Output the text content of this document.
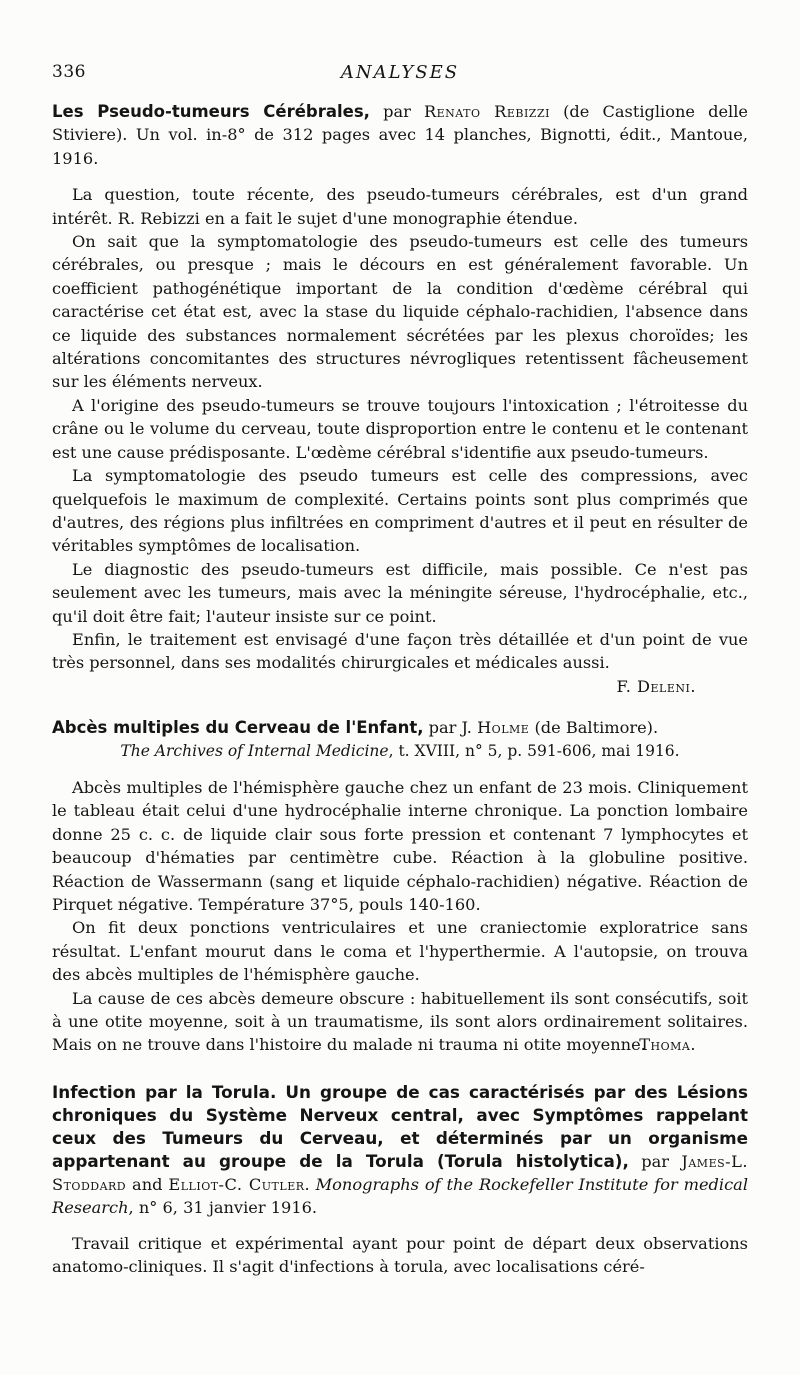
336	ANALYSES

Les Pseudo-tumeurs Cérébrales, par Renato Rebizzi (de Castiglione delle Stiviere). Un vol. in-8° de 312 pages avec 14 planches, Bignotti, édit., Mantoue, 1916.

La question, toute récente, des pseudo-tumeurs cérébrales, est d'un grand intérêt. R. Rebizzi en a fait le sujet d'une monographie étendue.

On sait que la symptomatologie des pseudo-tumeurs est celle des tumeurs cérébrales, ou presque ; mais le décours en est généralement favorable. Un coefficient pathogénétique important de la condition d'œdème cérébral qui caractérise cet état est, avec la stase du liquide céphalo-rachidien, l'absence dans ce liquide des substances normalement sécrétées par les plexus choroïdes; les altérations concomitantes des structures névrogliques retentissent fâcheusement sur les éléments nerveux.

A l'origine des pseudo-tumeurs se trouve toujours l'intoxication ; l'étroitesse du crâne ou le volume du cerveau, toute disproportion entre le contenu et le contenant est une cause prédisposante. L'œdème cérébral s'identifie aux pseudo-tumeurs.

La symptomatologie des pseudo tumeurs est celle des compressions, avec quelquefois le maximum de complexité. Certains points sont plus comprimés que d'autres, des régions plus infiltrées en compriment d'autres et il peut en résulter de véritables symptômes de localisation.

Le diagnostic des pseudo-tumeurs est difficile, mais possible. Ce n'est pas seulement avec les tumeurs, mais avec la méningite séreuse, l'hydrocéphalie, etc., qu'il doit être fait; l'auteur insiste sur ce point.

Enfin, le traitement est envisagé d'une façon très détaillée et d'un point de vue très personnel, dans ses modalités chirurgicales et médicales aussi.

F. Deleni.

Abcès multiples du Cerveau de l'Enfant, par J. Holme (de Baltimore).

The Archives of Internal Medicine, t. XVIII, n° 5, p. 591-606, mai 1916.

Abcès multiples de l'hémisphère gauche chez un enfant de 23 mois. Cliniquement le tableau était celui d'une hydrocéphalie interne chronique. La ponction lombaire donne 25 c. c. de liquide clair sous forte pression et contenant 7 lymphocytes et beaucoup d'hématies par centimètre cube. Réaction à la globuline positive. Réaction de Wassermann (sang et liquide céphalo-rachidien) négative. Réaction de Pirquet négative. Température 37°5, pouls 140-160.

On fit deux ponctions ventriculaires et une craniectomie exploratrice sans résultat. L'enfant mourut dans le coma et l'hyperthermie. A l'autopsie, on trouva des abcès multiples de l'hémisphère gauche.

La cause de ces abcès demeure obscure : habituellement ils sont consécutifs, soit à une otite moyenne, soit à un traumatisme, ils sont alors ordinairement solitaires. Mais on ne trouve dans l'histoire du malade ni trauma ni otite moyenne.

Thoma.

Infection par la Torula. Un groupe de cas caractérisés par des Lésions chroniques du Système Nerveux central, avec Symptômes rappelant ceux des Tumeurs du Cerveau, et déterminés par un organisme appartenant au groupe de la Torula (Torula histolytica), par James-L. Stoddard and Elliot-C. Cutler. Monographs of the Rockefeller Institute for medical Research, n° 6, 31 janvier 1916.

Travail critique et expérimental ayant pour point de départ deux observations anatomo-cliniques. Il s'agit d'infections à torula, avec localisations céré-
